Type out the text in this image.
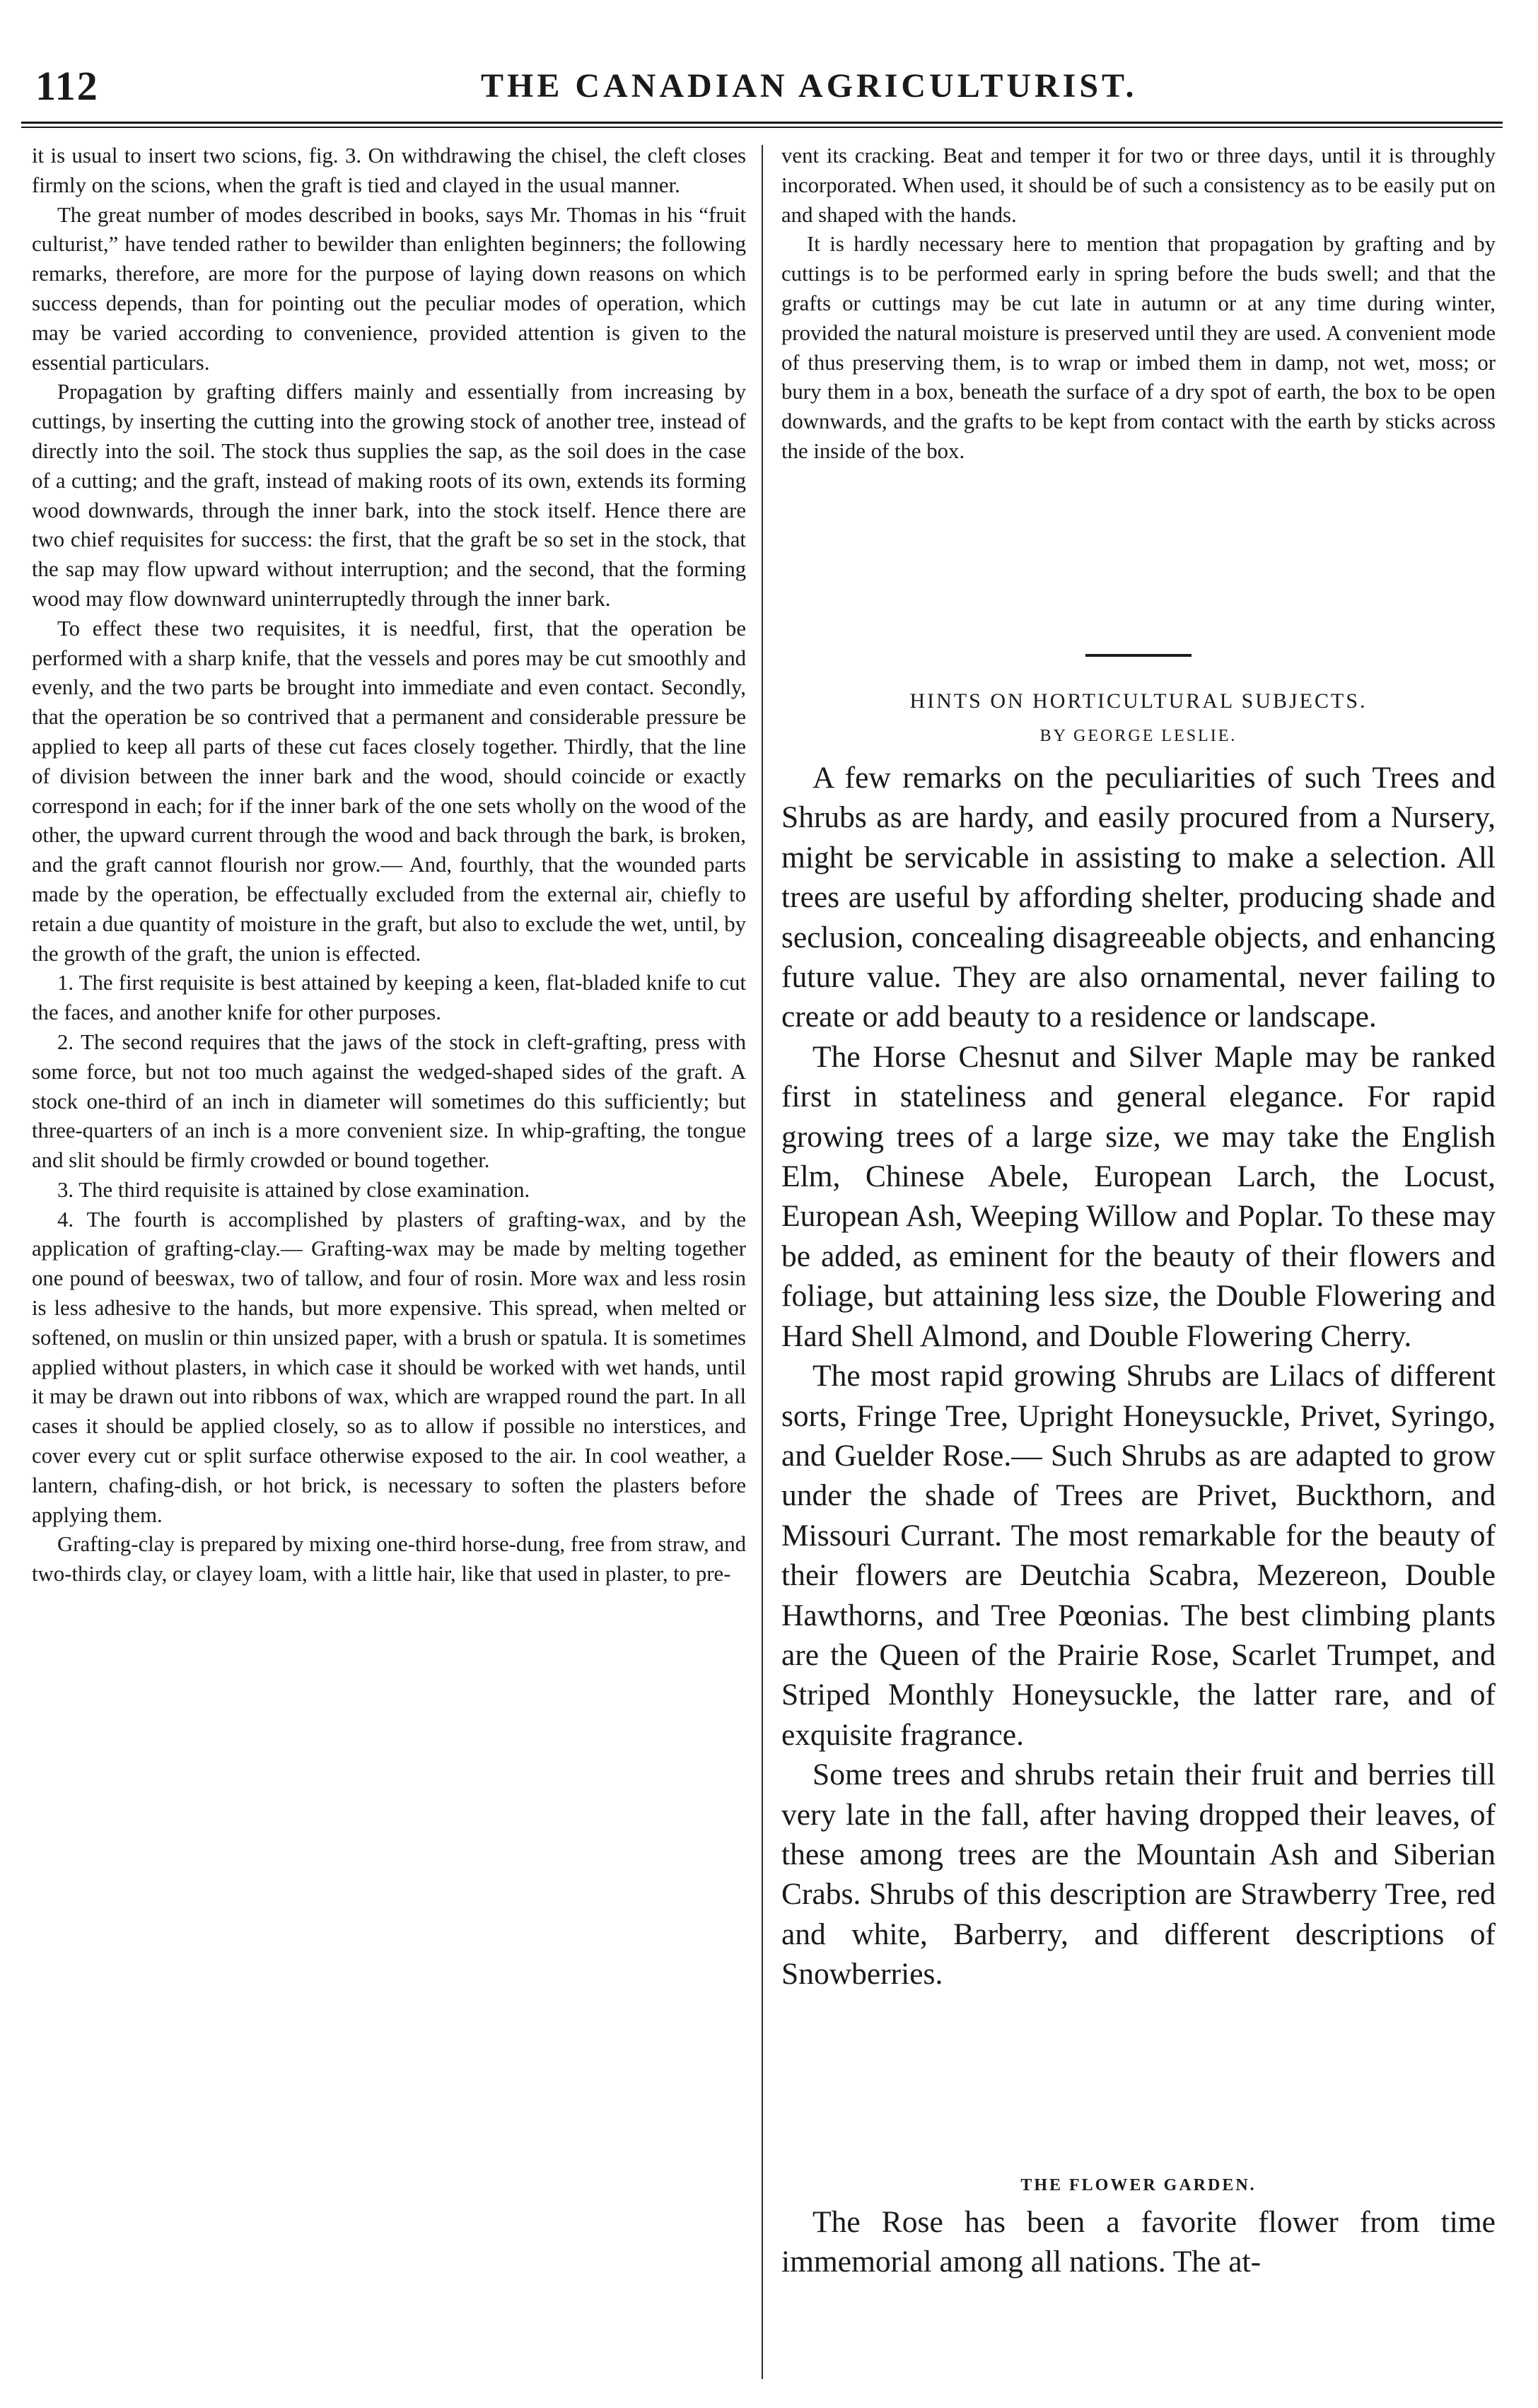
112	THE CANADIAN AGRICULTURIST.

it is usual to insert two scions, fig. 3. On withdrawing the chisel, the cleft closes firmly on the scions, when the graft is tied and clayed in the usual manner.

The great number of modes described in books, says Mr. Thomas in his “fruit culturist,” have tended rather to bewilder than enlighten beginners; the following remarks, therefore, are more for the purpose of laying down reasons on which success depends, than for pointing out the peculiar modes of operation, which may be varied according to convenience, provided attention is given to the essential particulars.

Propagation by grafting differs mainly and essentially from increasing by cuttings, by inserting the cutting into the growing stock of another tree, instead of directly into the soil. The stock thus supplies the sap, as the soil does in the case of a cutting; and the graft, instead of making roots of its own, extends its forming wood downwards, through the inner bark, into the stock itself. Hence there are two chief requisites for success: the first, that the graft be so set in the stock, that the sap may flow upward without interruption; and the second, that the forming wood may flow downward uninterruptedly through the inner bark.

To effect these two requisites, it is needful, first, that the operation be performed with a sharp knife, that the vessels and pores may be cut smoothly and evenly, and the two parts be brought into immediate and even contact. Secondly, that the operation be so contrived that a permanent and considerable pressure be applied to keep all parts of these cut faces closely together. Thirdly, that the line of division between the inner bark and the wood, should coincide or exactly correspond in each; for if the inner bark of the one sets wholly on the wood of the other, the upward current through the wood and back through the bark, is broken, and the graft cannot flourish nor grow.— And, fourthly, that the wounded parts made by the operation, be effectually excluded from the external air, chiefly to retain a due quantity of moisture in the graft, but also to exclude the wet, until, by the growth of the graft, the union is effected.

1. The first requisite is best attained by keeping a keen, flat-bladed knife to cut the faces, and another knife for other purposes.

2. The second requires that the jaws of the stock in cleft-grafting, press with some force, but not too much against the wedged-shaped sides of the graft. A stock one-third of an inch in diameter will sometimes do this sufficiently; but three-quarters of an inch is a more convenient size. In whip-grafting, the tongue and slit should be firmly crowded or bound together.

3. The third requisite is attained by close examination.

4. The fourth is accomplished by plasters of grafting-wax, and by the application of grafting-clay.— Grafting-wax may be made by melting together one pound of beeswax, two of tallow, and four of rosin. More wax and less rosin is less adhesive to the hands, but more expensive. This spread, when melted or softened, on muslin or thin unsized paper, with a brush or spatula. It is sometimes applied without plasters, in which case it should be worked with wet hands, until it may be drawn out into ribbons of wax, which are wrapped round the part. In all cases it should be applied closely, so as to allow if possible no interstices, and cover every cut or split surface otherwise exposed to the air. In cool weather, a lantern, chafing-dish, or hot brick, is necessary to soften the plasters before applying them.

Grafting-clay is prepared by mixing one-third horse-dung, free from straw, and two-thirds clay, or clayey loam, with a little hair, like that used in plaster, to pre-

vent its cracking. Beat and temper it for two or three days, until it is throughly incorporated. When used, it should be of such a consistency as to be easily put on and shaped with the hands.

It is hardly necessary here to mention that propagation by grafting and by cuttings is to be performed early in spring before the buds swell; and that the grafts or cuttings may be cut late in autumn or at any time during winter, provided the natural moisture is preserved until they are used. A convenient mode of thus preserving them, is to wrap or imbed them in damp, not wet, moss; or bury them in a box, beneath the surface of a dry spot of earth, the box to be open downwards, and the grafts to be kept from contact with the earth by sticks across the inside of the box.

HINTS ON HORTICULTURAL SUBJECTS.
BY GEORGE LESLIE.

A few remarks on the peculiarities of such Trees and Shrubs as are hardy, and easily procured from a Nursery, might be servicable in assisting to make a selection. All trees are useful by affording shelter, producing shade and seclusion, concealing disagreeable objects, and enhancing future value. They are also ornamental, never failing to create or add beauty to a residence or landscape.

The Horse Chesnut and Silver Maple may be ranked first in stateliness and general elegance. For rapid growing trees of a large size, we may take the English Elm, Chinese Abele, European Larch, the Locust, European Ash, Weeping Willow and Poplar. To these may be added, as eminent for the beauty of their flowers and foliage, but attaining less size, the Double Flowering and Hard Shell Almond, and Double Flowering Cherry.

The most rapid growing Shrubs are Lilacs of different sorts, Fringe Tree, Upright Honeysuckle, Privet, Syringo, and Guelder Rose.— Such Shrubs as are adapted to grow under the shade of Trees are Privet, Buckthorn, and Missouri Currant. The most remarkable for the beauty of their flowers are Deutchia Scabra, Mezereon, Double Hawthorns, and Tree Pœonias. The best climbing plants are the Queen of the Prairie Rose, Scarlet Trumpet, and Striped Monthly Honeysuckle, the latter rare, and of exquisite fragrance.

Some trees and shrubs retain their fruit and berries till very late in the fall, after having dropped their leaves, of these among trees are the Mountain Ash and Siberian Crabs. Shrubs of this description are Strawberry Tree, red and white, Barberry, and different descriptions of Snowberries.

THE FLOWER GARDEN.

The Rose has been a favorite flower from time immemorial among all nations. The at-
